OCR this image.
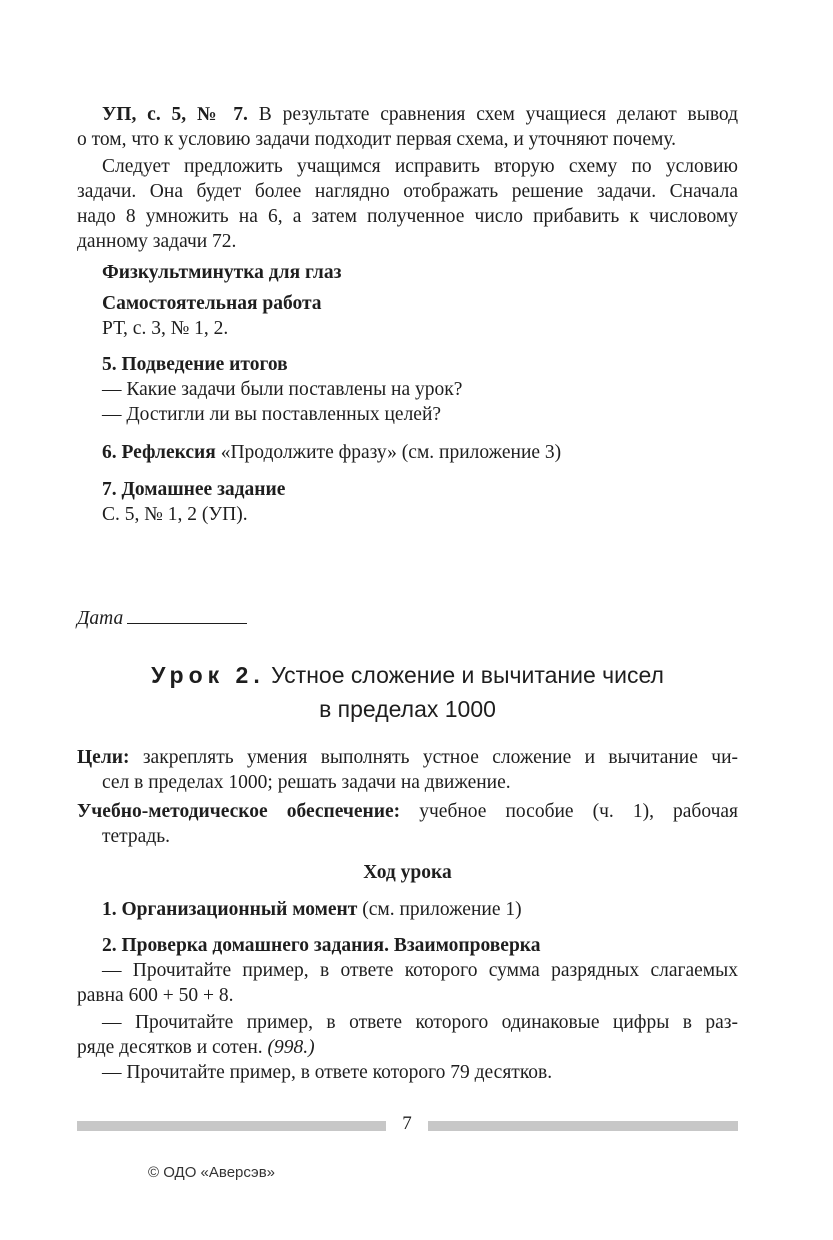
УП, с. 5, № 7. В результате сравнения схем учащиеся делают вывод
о том, что к условию задачи подходит первая схема, и уточняют почему.
Следует предложить учащимся исправить вторую схему по условию
задачи. Она будет более наглядно отображать решение задачи. Сначала
надо 8 умножить на 6, а затем полученное число прибавить к числовому
данному задачи 72.
Физкультминутка для глаз
Самостоятельная работа
РТ, с. 3, № 1, 2.
5. Подведение итогов
— Какие задачи были поставлены на урок?
— Достигли ли вы поставленных целей?
6. Рефлексия «Продолжите фразу» (см. приложение 3)
7. Домашнее задание
С. 5, № 1, 2 (УП).
Дата
Урок 2. Устное сложение и вычитание чисел
в пределах 1000
Цели: закреплять умения выполнять устное сложение и вычитание чи-
сел в пределах 1000; решать задачи на движение.
Учебно-методическое обеспечение: учебное пособие (ч. 1), рабочая
тетрадь.
Ход урока
1. Организационный момент (см. приложение 1)
2. Проверка домашнего задания. Взаимопроверка
— Прочитайте пример, в ответе которого сумма разрядных слагаемых
равна 600 + 50 + 8.
— Прочитайте пример, в ответе которого одинаковые цифры в раз-
ряде десятков и сотен. (998.)
— Прочитайте пример, в ответе которого 79 десятков.
7
© ОДО «Аверсэв»
